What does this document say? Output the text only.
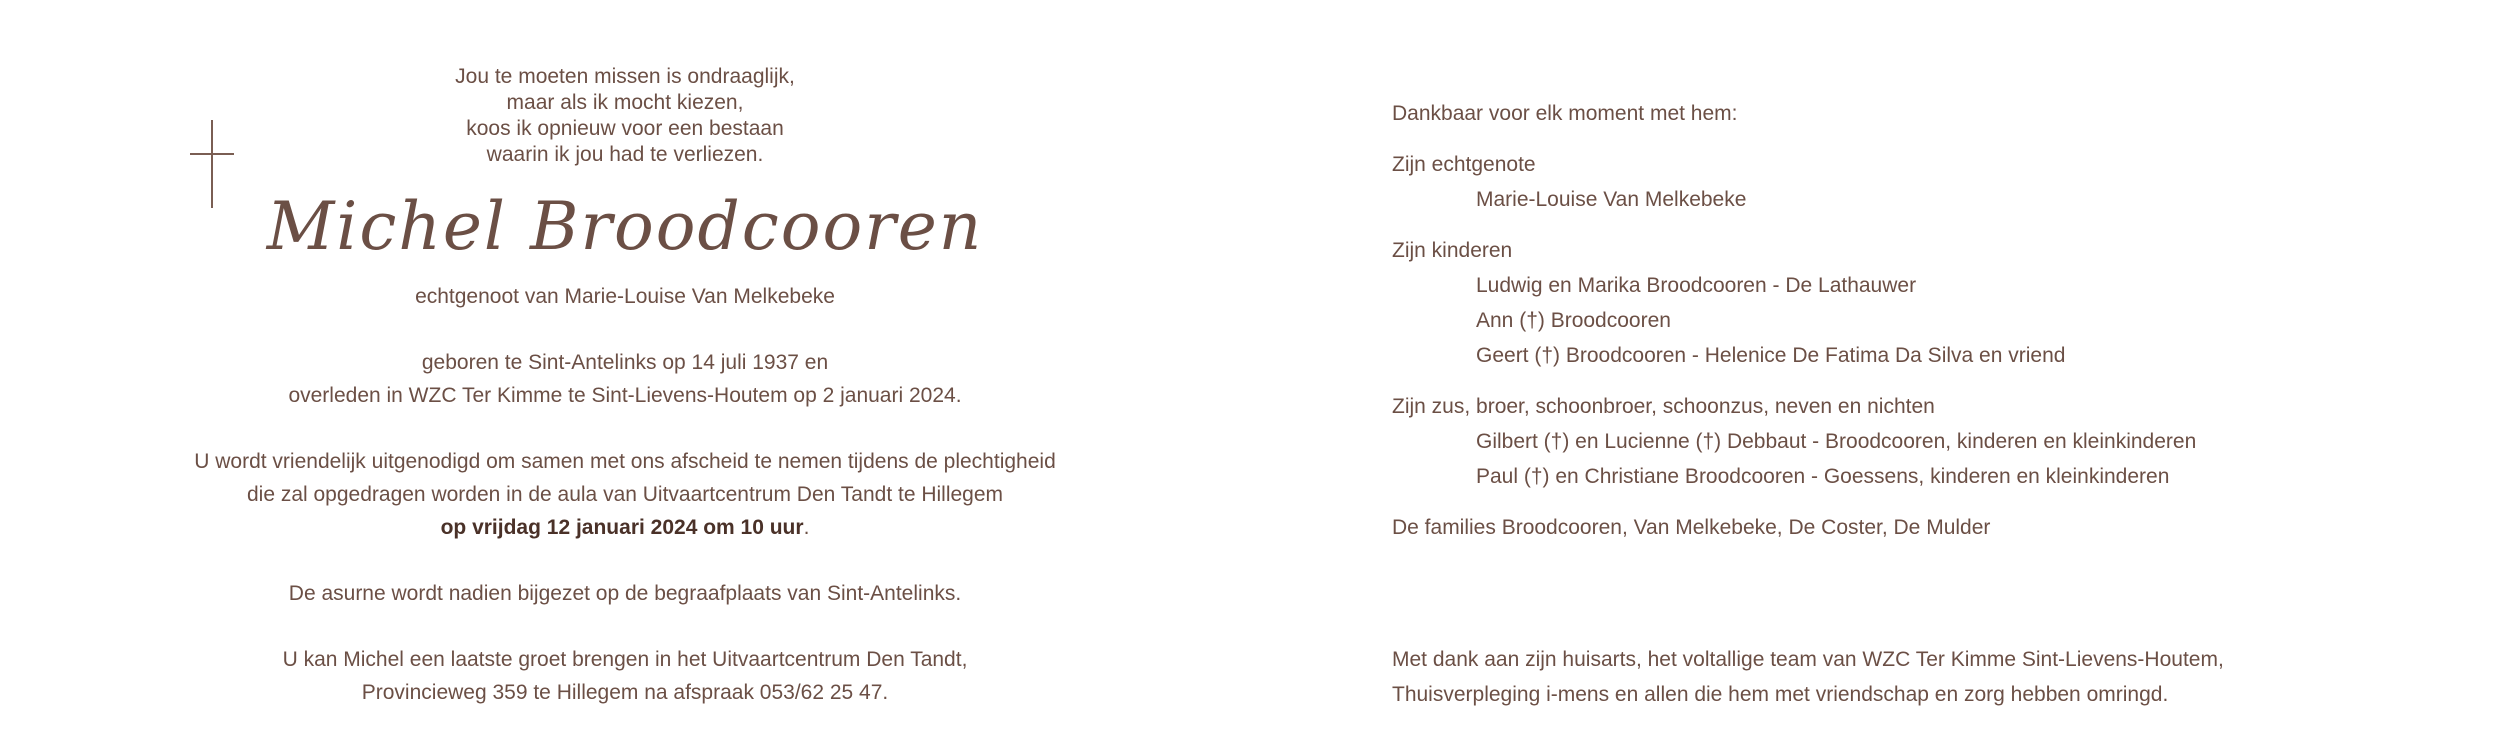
Jou te moeten missen is ondraaglijk,
maar als ik mocht kiezen,
koos ik opnieuw voor een bestaan
waarin ik jou had te verliezen.
Michel Broodcooren
echtgenoot van Marie-Louise Van Melkebeke
geboren te Sint-Antelinks op 14 juli 1937 en
overleden in WZC Ter Kimme te Sint-Lievens-Houtem op 2 januari 2024.
U wordt vriendelijk uitgenodigd om samen met ons afscheid te nemen tijdens de plechtigheid
die zal opgedragen worden in de aula van Uitvaartcentrum Den Tandt te Hillegem
op vrijdag 12 januari 2024 om 10 uur.
De asurne wordt nadien bijgezet op de begraafplaats van Sint-Antelinks.
U kan Michel een laatste groet brengen in het Uitvaartcentrum Den Tandt,
Provincieweg 359 te Hillegem na afspraak 053/62 25 47.
Dankbaar voor elk moment met hem:
Zijn echtgenote
Marie-Louise Van Melkebeke
Zijn kinderen
Ludwig en Marika Broodcooren - De Lathauwer
Ann (†) Broodcooren
Geert (†) Broodcooren - Helenice De Fatima Da Silva en vriend
Zijn zus, broer, schoonbroer, schoonzus, neven en nichten
Gilbert (†) en Lucienne (†) Debbaut - Broodcooren, kinderen en kleinkinderen
Paul (†) en Christiane Broodcooren - Goessens, kinderen en kleinkinderen
De families Broodcooren, Van Melkebeke, De Coster, De Mulder
Met dank aan zijn huisarts, het voltallige team van WZC Ter Kimme Sint-Lievens-Houtem,
Thuisverpleging i-mens en allen die hem met vriendschap en zorg hebben omringd.
